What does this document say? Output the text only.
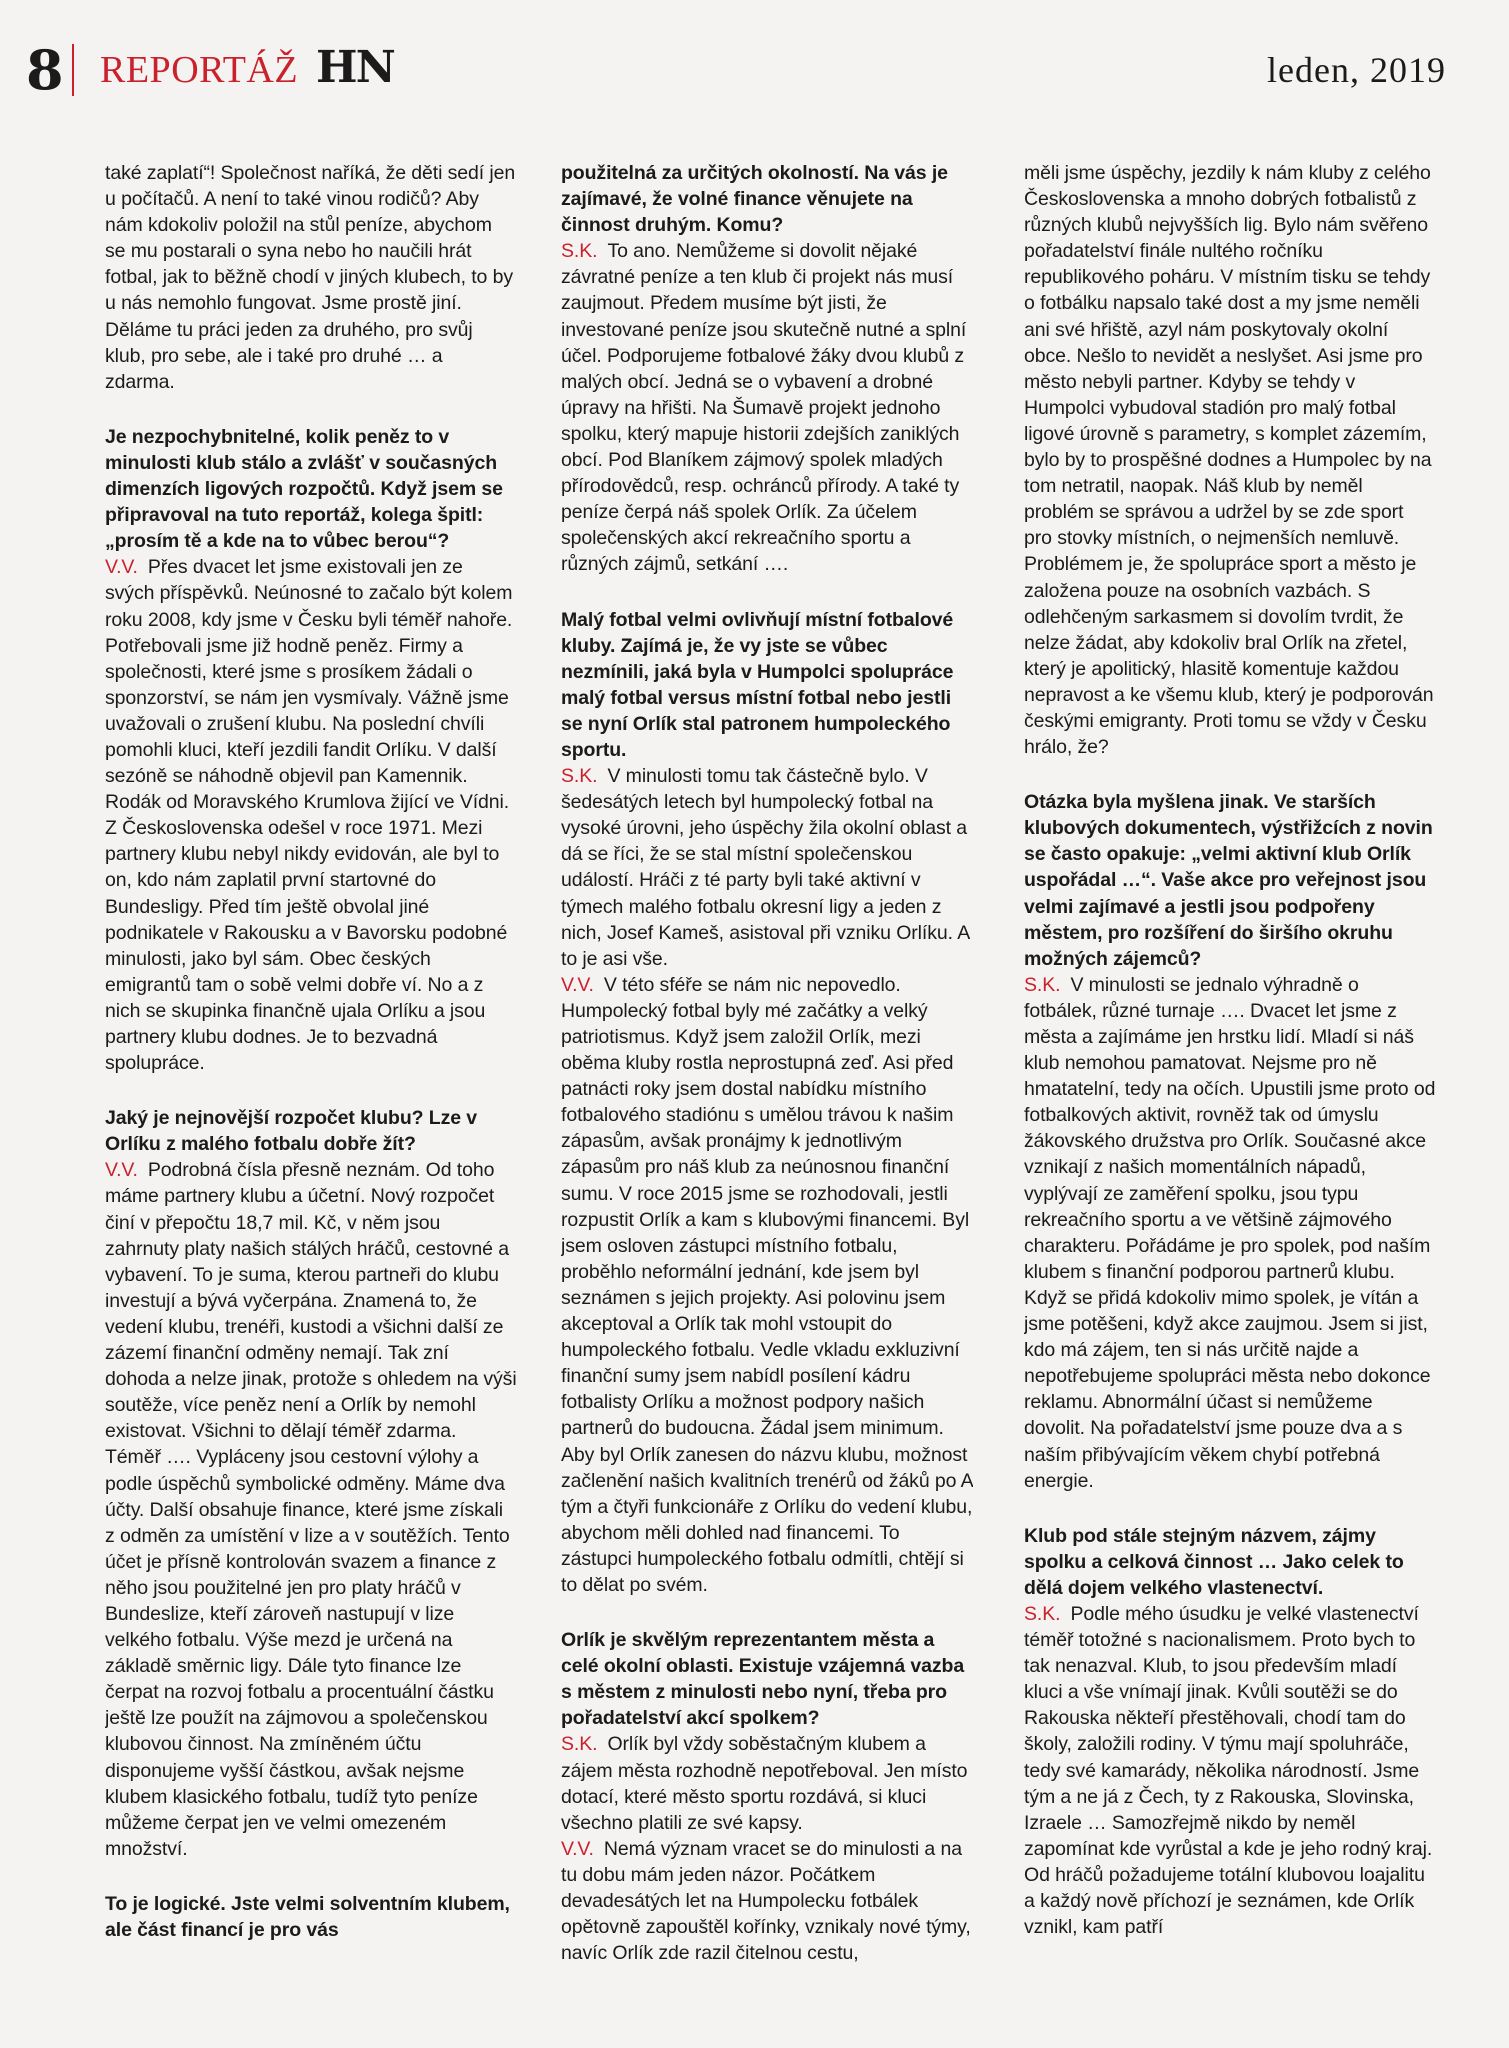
8 REPORTÁŽ HN	leden, 2019

také zaplatí“! Společnost naříká, že děti sedí jen u počítačů. A není to také vinou rodičů? Aby nám kdokoliv položil na stůl peníze, abychom se mu postarali o syna nebo ho naučili hrát fotbal, jak to běžně chodí v jiných klubech, to by u nás nemohlo fungovat. Jsme prostě jiní. Děláme tu práci jeden za druhého, pro svůj klub, pro sebe, ale i také pro druhé … a zdarma.

Je nezpochybnitelné, kolik peněz to v minulosti klub stálo a zvlášť v současných dimenzích ligových rozpočtů. Když jsem se připravoval na tuto reportáž, kolega špitl: „prosím tě a kde na to vůbec berou“?

V.V. Přes dvacet let jsme existovali jen ze svých příspěvků. Neúnosné to začalo být kolem roku 2008, kdy jsme v Česku byli téměř nahoře. Potřebovali jsme již hodně peněz. Firmy a společnosti, které jsme s prosíkem žádali o sponzorství, se nám jen vysmívaly. Vážně jsme uvažovali o zrušení klubu. Na poslední chvíli pomohli kluci, kteří jezdili fandit Orlíku. V další sezóně se náhodně objevil pan Kamennik. Rodák od Moravského Krumlova žijící ve Vídni. Z Československa odešel v roce 1971. Mezi partnery klubu nebyl nikdy evidován, ale byl to on, kdo nám zaplatil první startovné do Bundesligy. Před tím ještě obvolal jiné podnikatele v Rakousku a v Bavorsku podobné minulosti, jako byl sám. Obec českých emigrantů tam o sobě velmi dobře ví. No a z nich se skupinka finančně ujala Orlíku a jsou partnery klubu dodnes. Je to bezvadná spolupráce.

Jaký je nejnovější rozpočet klubu? Lze v Orlíku z malého fotbalu dobře žít?

V.V. Podrobná čísla přesně neznám. Od toho máme partnery klubu a účetní. Nový rozpočet činí v přepočtu 18,7 mil. Kč, v něm jsou zahrnuty platy našich stálých hráčů, cestovné a vybavení. To je suma, kterou partneři do klubu investují a bývá vyčerpána. Znamená to, že vedení klubu, trenéři, kustodi a všichni další ze zázemí finanční odměny nemají. Tak zní dohoda a nelze jinak, protože s ohledem na výši soutěže, více peněz není a Orlík by nemohl existovat. Všichni to dělají téměř zdarma. Téměř …. Vypláceny jsou cestovní výlohy a podle úspěchů symbolické odměny. Máme dva účty. Další obsahuje finance, které jsme získali z odměn za umístění v lize a v soutěžích. Tento účet je přísně kontrolován svazem a finance z něho jsou použitelné jen pro platy hráčů v Bundeslize, kteří zároveň nastupují v lize velkého fotbalu. Výše mezd je určená na základě směrnic ligy. Dále tyto finance lze čerpat na rozvoj fotbalu a procentuální částku ještě lze použít na zájmovou a společenskou klubovou činnost. Na zmíněném účtu disponujeme vyšší částkou, avšak nejsme klubem klasického fotbalu, tudíž tyto peníze můžeme čerpat jen ve velmi omezeném množství.

To je logické. Jste velmi solventním klubem, ale část financí je pro vás

použitelná za určitých okolností. Na vás je zajímavé, že volné finance věnujete na činnost druhým. Komu?

S.K. To ano. Nemůžeme si dovolit nějaké závratné peníze a ten klub či projekt nás musí zaujmout. Předem musíme být jisti, že investované peníze jsou skutečně nutné a splní účel. Podporujeme fotbalové žáky dvou klubů z malých obcí. Jedná se o vybavení a drobné úpravy na hřišti. Na Šumavě projekt jednoho spolku, který mapuje historii zdejších zaniklých obcí. Pod Blaníkem zájmový spolek mladých přírodovědců, resp. ochránců přírody. A také ty peníze čerpá náš spolek Orlík. Za účelem společenských akcí rekreačního sportu a různých zájmů, setkání ….

Malý fotbal velmi ovlivňují místní fotbalové kluby. Zajímá je, že vy jste se vůbec nezmínili, jaká byla v Humpolci spolupráce malý fotbal versus místní fotbal nebo jestli se nyní Orlík stal patronem humpoleckého sportu.

S.K. V minulosti tomu tak částečně bylo. V šedesátých letech byl humpolecký fotbal na vysoké úrovni, jeho úspěchy žila okolní oblast a dá se říci, že se stal místní společenskou událostí. Hráči z té party byli také aktivní v týmech malého fotbalu okresní ligy a jeden z nich, Josef Kameš, asistoval při vzniku Orlíku. A to je asi vše.

V.V. V této sféře se nám nic nepovedlo. Humpolecký fotbal byly mé začátky a velký patriotismus. Když jsem založil Orlík, mezi oběma kluby rostla neprostupná zeď. Asi před patnácti roky jsem dostal nabídku místního fotbalového stadiónu s umělou trávou k našim zápasům, avšak pronájmy k jednotlivým zápasům pro náš klub za neúnosnou finanční sumu. V roce 2015 jsme se rozhodovali, jestli rozpustit Orlík a kam s klubovými financemi. Byl jsem osloven zástupci místního fotbalu, proběhlo neformální jednání, kde jsem byl seznámen s jejich projekty. Asi polovinu jsem akceptoval a Orlík tak mohl vstoupit do humpoleckého fotbalu. Vedle vkladu exkluzivní finanční sumy jsem nabídl posílení kádru fotbalisty Orlíku a možnost podpory našich partnerů do budoucna. Žádal jsem minimum. Aby byl Orlík zanesen do názvu klubu, možnost začlenění našich kvalitních trenérů od žáků po A tým a čtyři funkcionáře z Orlíku do vedení klubu, abychom měli dohled nad financemi. To zástupci humpoleckého fotbalu odmítli, chtějí si to dělat po svém.

Orlík je skvělým reprezentantem města a celé okolní oblasti. Existuje vzájemná vazba s městem z minulosti nebo nyní, třeba pro pořadatelství akcí spolkem?

S.K. Orlík byl vždy soběstačným klubem a zájem města rozhodně nepotřeboval. Jen místo dotací, které město sportu rozdává, si kluci všechno platili ze své kapsy.

V.V. Nemá význam vracet se do minulosti a na tu dobu mám jeden názor. Počátkem devadesátých let na Humpolecku fotbálek opětovně zapouštěl kořínky, vznikaly nové týmy, navíc Orlík zde razil čitelnou cestu,

měli jsme úspěchy, jezdily k nám kluby z celého Československa a mnoho dobrých fotbalistů z různých klubů nejvyšších lig. Bylo nám svěřeno pořadatelství finále nultého ročníku republikového poháru. V místním tisku se tehdy o fotbálku napsalo také dost a my jsme neměli ani své hřiště, azyl nám poskytovaly okolní obce. Nešlo to nevidět a neslyšet. Asi jsme pro město nebyli partner. Kdyby se tehdy v Humpolci vybudoval stadión pro malý fotbal ligové úrovně s parametry, s komplet zázemím, bylo by to prospěšné dodnes a Humpolec by na tom netratil, naopak. Náš klub by neměl problém se správou a udržel by se zde sport pro stovky místních, o nejmenších nemluvě. Problémem je, že spolupráce sport a město je založena pouze na osobních vazbách. S odlehčeným sarkasmem si dovolím tvrdit, že nelze žádat, aby kdokoliv bral Orlík na zřetel, který je apolitický, hlasitě komentuje každou nepravost a ke všemu klub, který je podporován českými emigranty. Proti tomu se vždy v Česku hrálo, že?

Otázka byla myšlena jinak. Ve starších klubových dokumentech, výstřižcích z novin se často opakuje: „velmi aktivní klub Orlík uspořádal …“. Vaše akce pro veřejnost jsou velmi zajímavé a jestli jsou podpořeny městem, pro rozšíření do širšího okruhu možných zájemců?

S.K. V minulosti se jednalo výhradně o fotbálek, různé turnaje …. Dvacet let jsme z města a zajímáme jen hrstku lidí. Mladí si náš klub nemohou pamatovat. Nejsme pro ně hmatatelní, tedy na očích. Upustili jsme proto od fotbalkových aktivit, rovněž tak od úmyslu žákovského družstva pro Orlík. Současné akce vznikají z našich momentálních nápadů, vyplývají ze zaměření spolku, jsou typu rekreačního sportu a ve většině zájmového charakteru. Pořádáme je pro spolek, pod naším klubem s finanční podporou partnerů klubu. Když se přidá kdokoliv mimo spolek, je vítán a jsme potěšeni, když akce zaujmou. Jsem si jist, kdo má zájem, ten si nás určitě najde a nepotřebujeme spolupráci města nebo dokonce reklamu. Abnormální účast si nemůžeme dovolit. Na pořadatelství jsme pouze dva a s naším přibývajícím věkem chybí potřebná energie.

Klub pod stále stejným názvem, zájmy spolku a celková činnost … Jako celek to dělá dojem velkého vlastenectví.

S.K. Podle mého úsudku je velké vlastenectví téměř totožné s nacionalismem. Proto bych to tak nenazval. Klub, to jsou především mladí kluci a vše vnímají jinak. Kvůli soutěži se do Rakouska někteří přestěhovali, chodí tam do školy, založili rodiny. V týmu mají spoluhráče, tedy své kamarády, několika národností. Jsme tým a ne já z Čech, ty z Rakouska, Slovinska, Izraele … Samozřejmě nikdo by neměl zapomínat kde vyrůstal a kde je jeho rodný kraj. Od hráčů požadujeme totální klubovou loajalitu a každý nově příchozí je seznámen, kde Orlík vznikl, kam patří
